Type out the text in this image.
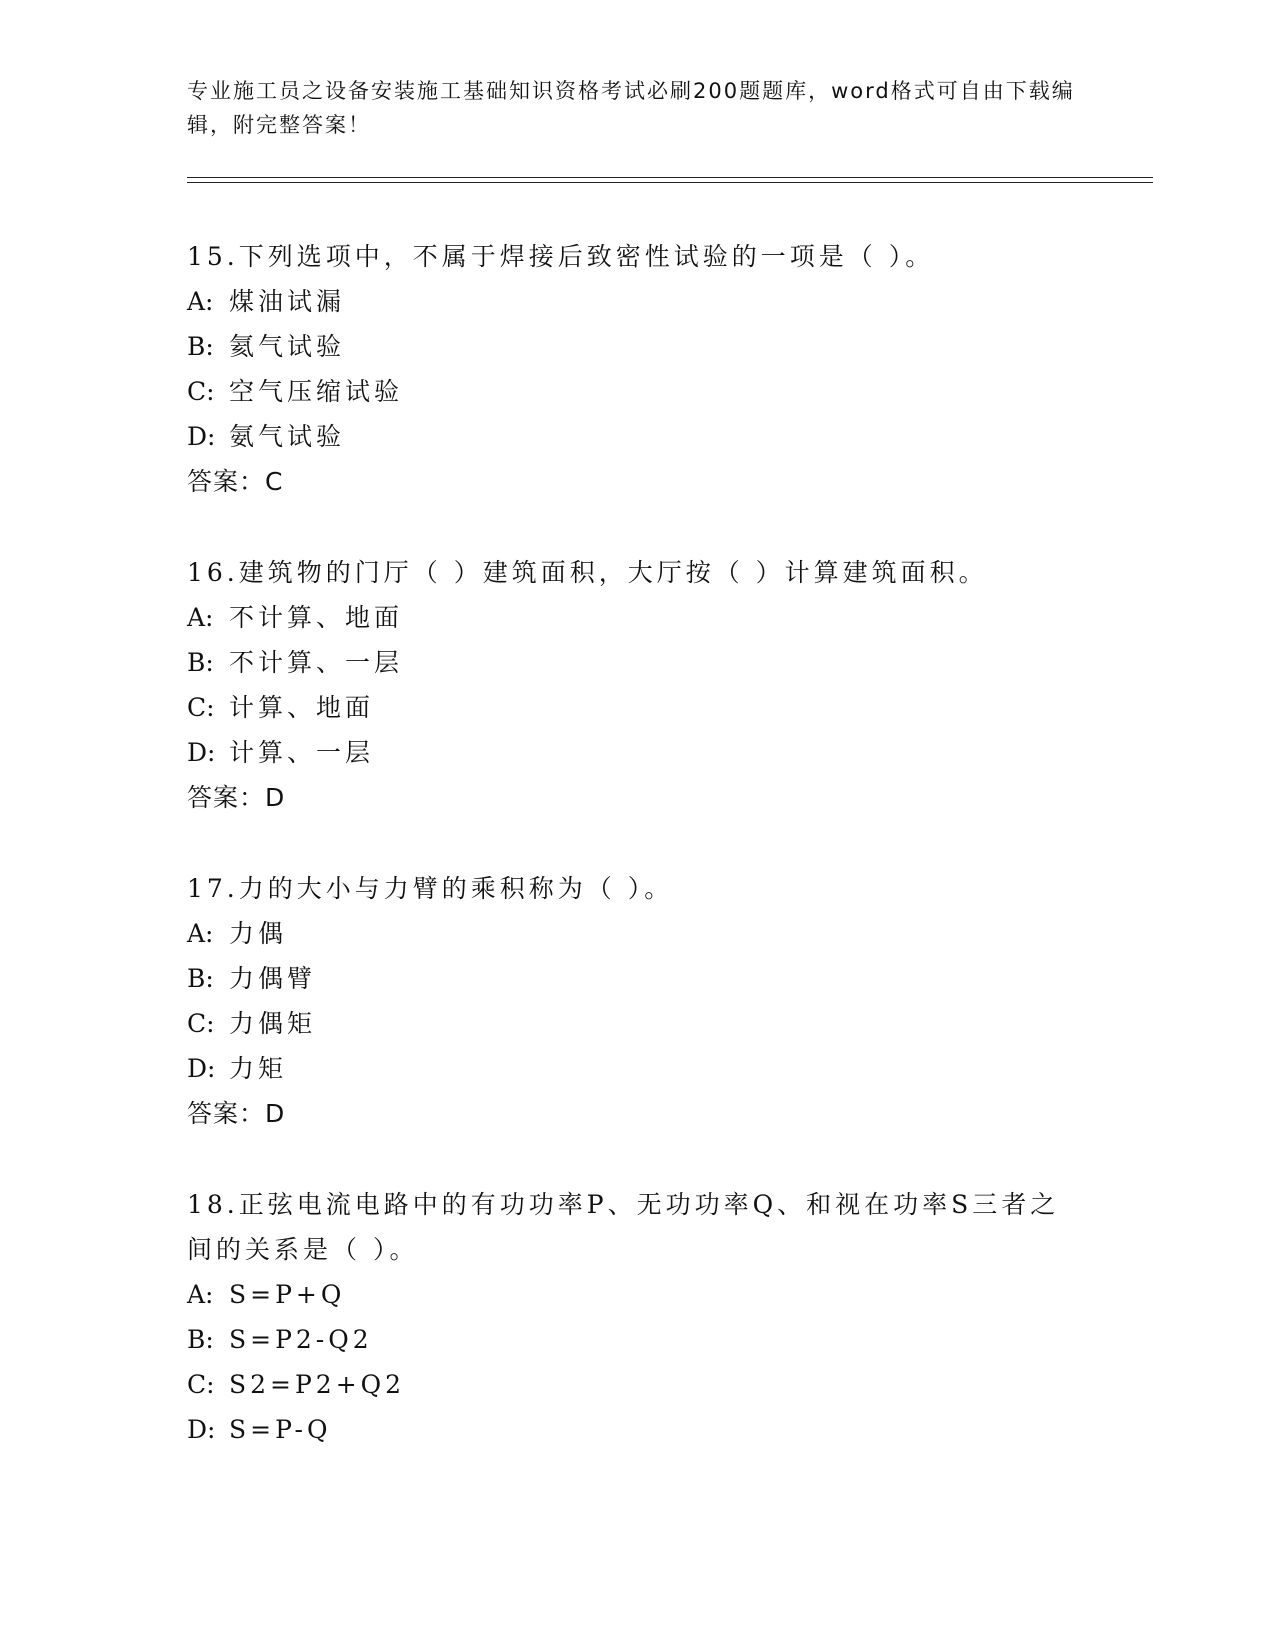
专业施工员之设备安装施工基础知识资格考试必刷200题题库，word格式可自由下载编辑，附完整答案！
15.下列选项中，不属于焊接后致密性试验的一项是（ ）。
A: 煤油试漏
B: 氦气试验
C: 空气压缩试验
D: 氨气试验
答案：C
16.建筑物的门厅（ ）建筑面积，大厅按（ ）计算建筑面积。
A: 不计算、地面
B: 不计算、一层
C: 计算、地面
D: 计算、一层
答案：D
17.力的大小与力臂的乘积称为（ ）。
A: 力偶
B: 力偶臂
C: 力偶矩
D: 力矩
答案：D
18.正弦电流电路中的有功功率P、无功功率Q、和视在功率S三者之间的关系是（ ）。
A: S=P+Q
B: S=P2-Q2
C: S2=P2+Q2
D: S=P-Q
